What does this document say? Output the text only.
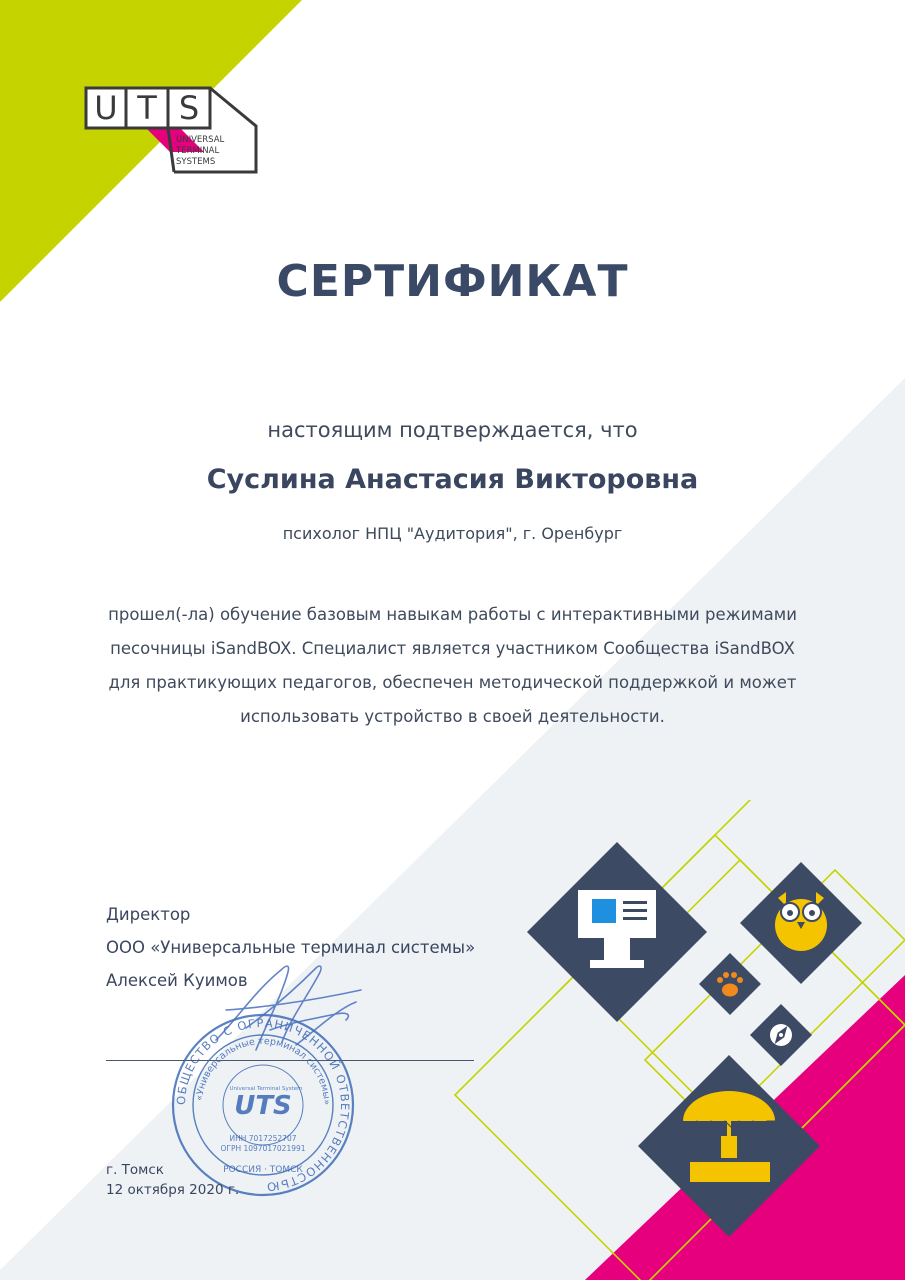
U T S
UNIVERSAL
TERMINAL
SYSTEMS
СЕРТИФИКАТ
настоящим подтверждается, что
Суслина Анастасия Викторовна
психолог НПЦ "Аудитория", г. Оренбург
прошел(-ла) обучение базовым навыкам работы с интерактивными режимами
песочницы iSandBOX. Специалист является участником Сообщества iSandBOX
для практикующих педагогов, обеспечен методической поддержкой и может
использовать устройство в своей деятельности.
Директор
ООО «Универсальные терминал системы»
Алексей Куимов
ОБЩЕСТВО С ОГРАНИЧЕННОЙ ОТВЕТСТВЕННОСТЬЮ
«Универсальные терминал системы»
UTS
Universal Terminal System
ИНН 7017252707
ОГРН 1097017021991
РОССИЯ · ТОМСК
г. Томск
12 октября 2020 г.
